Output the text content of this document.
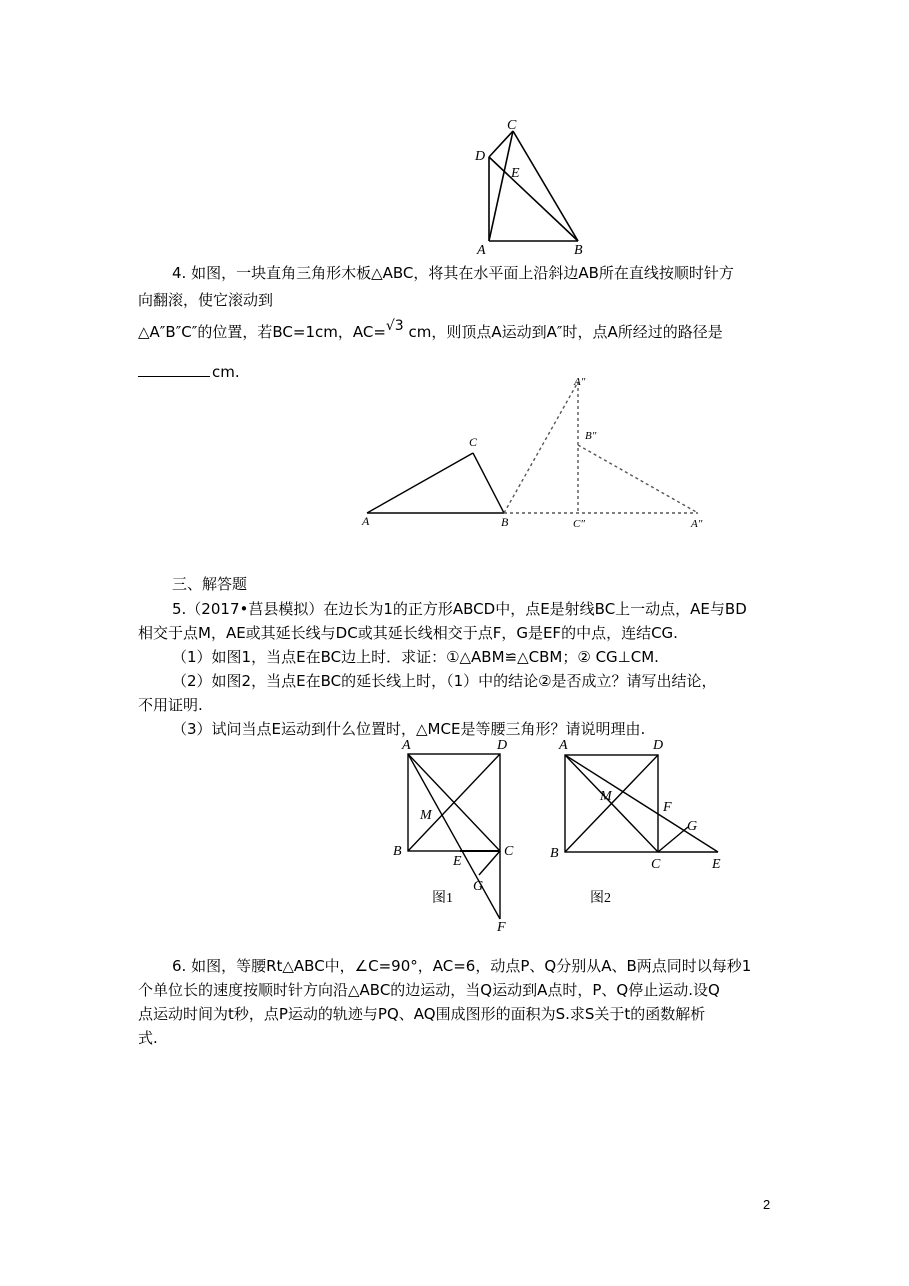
C
D
E
A	B
4. 如图，一块直角三角形木板△ABC，将其在水平面上沿斜边AB所在直线按顺时针方
向翻滚，使它滚动到
△A″B″C″的位置，若BC=1cm，AC=√3 cm，则顶点A运动到A″时，点A所经过的路径是
cm.
C
A	B
A″
B″
C″	A″
三、解答题
5.（2017•莒县模拟）在边长为1的正方形ABCD中，点E是射线BC上一动点，AE与BD
相交于点M，AE或其延长线与DC或其延长线相交于点F，G是EF的中点，连结CG.
（1）如图1，当点E在BC边上时．求证：①△ABM≌△CBM；② CG⊥CM.
（2）如图2，当点E在BC的延长线上时，（1）中的结论②是否成立？请写出结论，
不用证明.
（3）试问当点E运动到什么位置时，△MCE是等腰三角形？请说明理由.
A	D
M
B	C
E
G
F
图1
A	D
M
F
G
B
C	E
图2
6. 如图，等腰Rt△ABC中，∠C=90°，AC=6，动点P、Q分别从A、B两点同时以每秒1
个单位长的速度按顺时针方向沿△ABC的边运动，当Q运动到A点时，P、Q停止运动.设Q
点运动时间为t秒，点P运动的轨迹与PQ、AQ围成图形的面积为S.求S关于t的函数解析
式.
2
